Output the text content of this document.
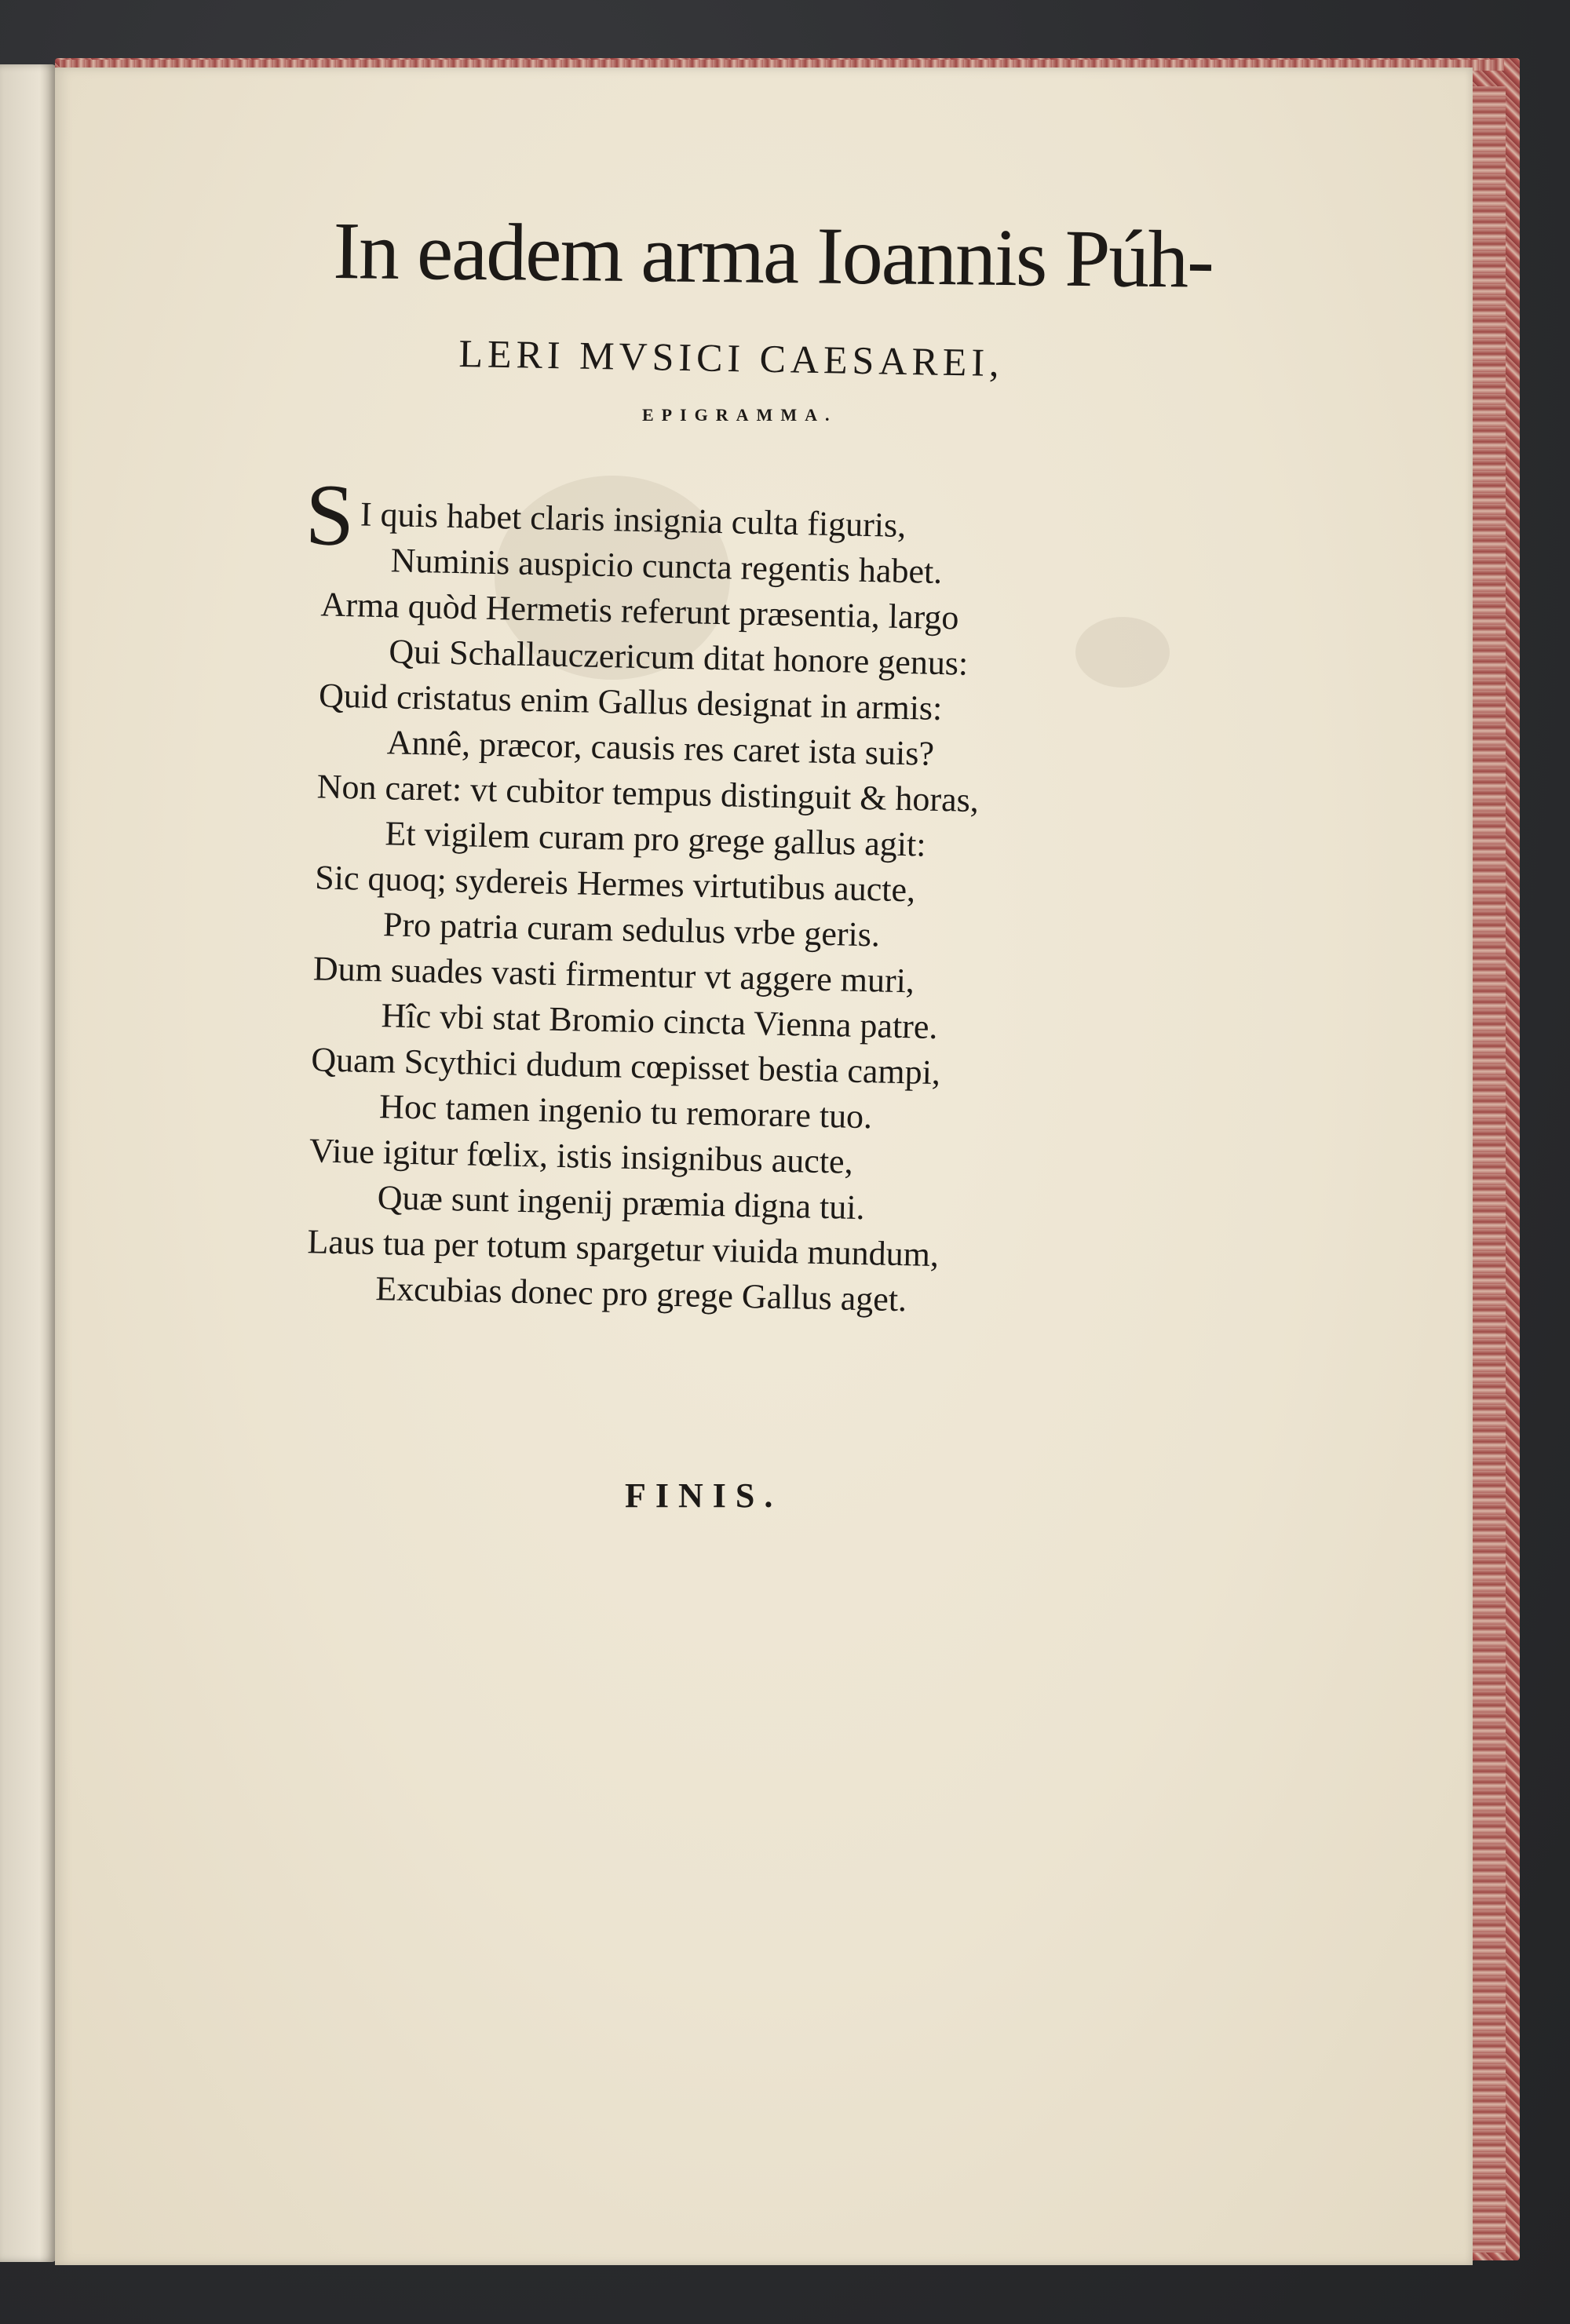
In eadem arma Ioannis Púh-
LERI MVSICI CAESAREI,
EPIGRAMMA.
S I quis habet claris insignia culta figuris,
Numinis auspicio cuncta regentis habet.
Arma quòd Hermetis referunt præsentia, largo
Qui Schallauczericum ditat honore genus:
Quid cristatus enim Gallus designat in armis:
Annê, præcor, causis res caret ista suis?
Non caret: vt cubitor tempus distinguit & horas,
Et vigilem curam pro grege gallus agit:
Sic quoq; sydereis Hermes virtutibus aucte,
Pro patria curam sedulus vrbe geris.
Dum suades vasti firmentur vt aggere muri,
Hîc vbi stat Bromio cincta Vienna patre.
Quam Scythici dudum cœpisset bestia campi,
Hoc tamen ingenio tu remorare tuo.
Viue igitur fœlix, istis insignibus aucte,
Quæ sunt ingenij præmia digna tui.
Laus tua per totum spargetur viuida mundum,
Excubias donec pro grege Gallus aget.
FINIS.
